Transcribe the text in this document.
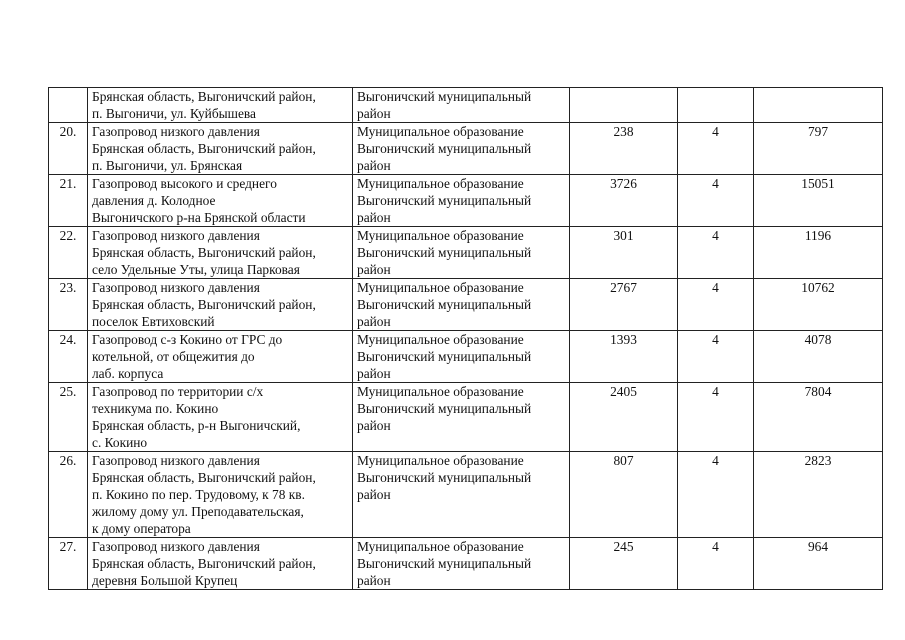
	Брянская область, Выгоничский район,
п. Выгоничи, ул. Куйбышева	Выгоничский муниципальный
район			

20.	Газопровод низкого давления
Брянская область, Выгоничский район,
п. Выгоничи, ул. Брянская	Муниципальное образование
Выгоничский муниципальный
район	238	4	797
21.	Газопровод высокого и среднего
давления д. Колодное
Выгоничского р-на Брянской области	Муниципальное образование
Выгоничский муниципальный
район	3726	4	15051
22.	Газопровод низкого давления
Брянская область, Выгоничский район,
село Удельные Уты, улица Парковая	Муниципальное образование
Выгоничский муниципальный
район	301	4	1196
23.	Газопровод низкого давления
Брянская область, Выгоничский район,
поселок Евтиховский	Муниципальное образование
Выгоничский муниципальный
район	2767	4	10762
24.	Газопровод с-з Кокино от ГРС до
котельной, от общежития до
лаб. корпуса	Муниципальное образование
Выгоничский муниципальный
район	1393	4	4078
25.	Газопровод по территории с/х
техникума по. Кокино
Брянская область, р-н Выгоничский,
с. Кокино	Муниципальное образование
Выгоничский муниципальный
район	2405	4	7804
26.	Газопровод низкого давления
Брянская область, Выгоничский район,
п. Кокино по пер. Трудовому, к 78 кв.
жилому дому ул. Преподавательская,
к дому оператора	Муниципальное образование
Выгоничский муниципальный
район	807	4	2823
27.	Газопровод низкого давления
Брянская область, Выгоничский район,
деревня Большой Крупец	Муниципальное образование
Выгоничский муниципальный
район	245	4	964
